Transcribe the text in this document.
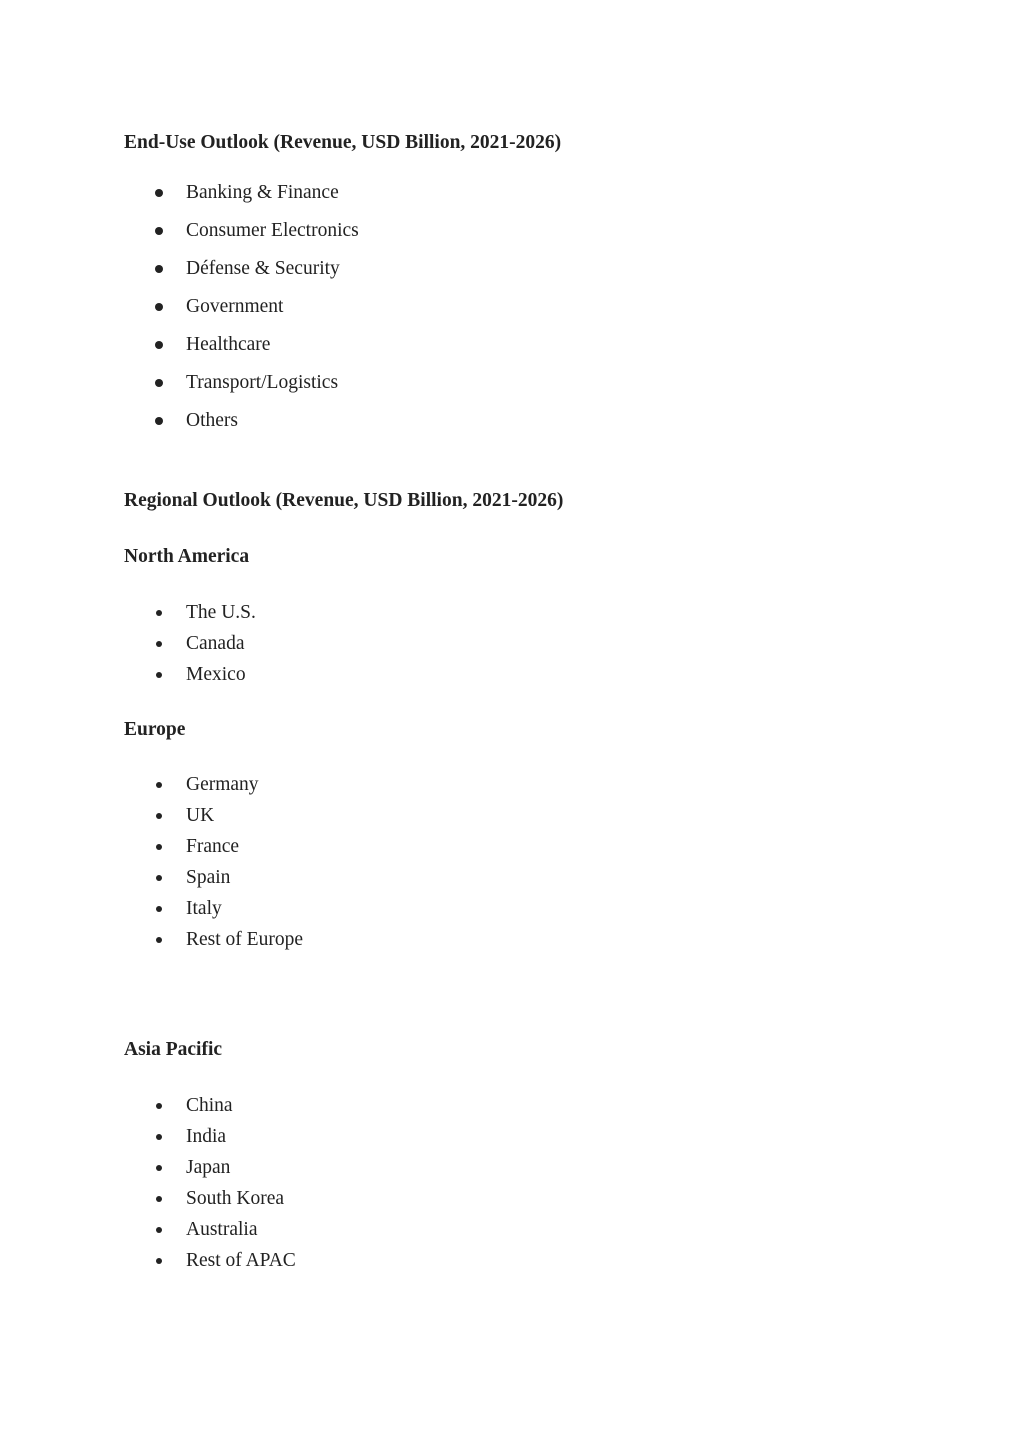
End-Use Outlook (Revenue, USD Billion, 2021-2026)
Banking & Finance
Consumer Electronics
Défense & Security
Government
Healthcare
Transport/Logistics
Others
Regional Outlook (Revenue, USD Billion, 2021-2026)
North America
The U.S.
Canada
Mexico
Europe
Germany
UK
France
Spain
Italy
Rest of Europe
Asia Pacific
China
India
Japan
South Korea
Australia
Rest of APAC
